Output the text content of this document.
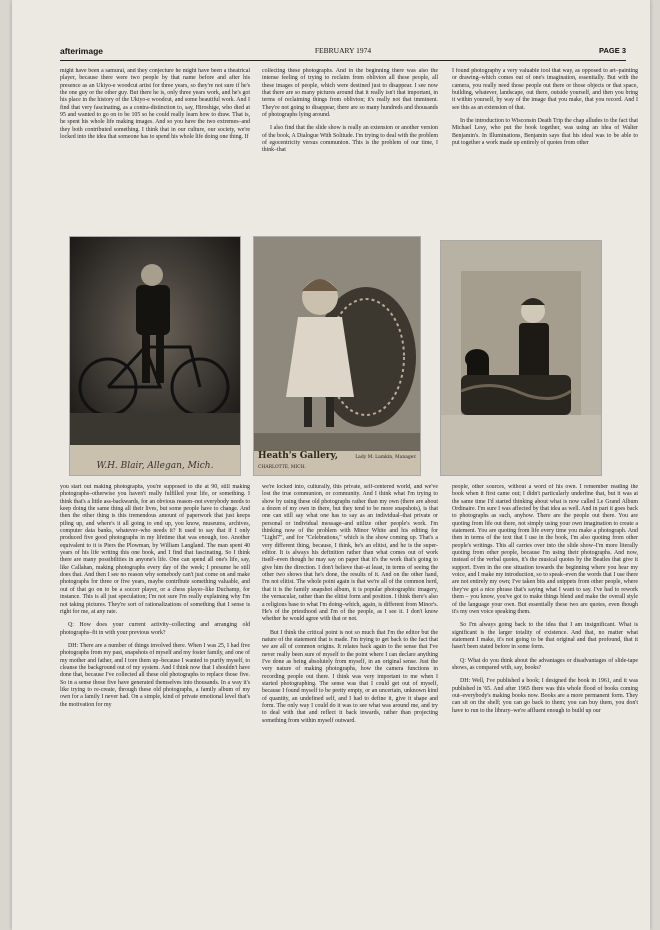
afterimage	FEBRUARY 1974	PAGE 3

might have been a samurai, and they conjecture he might have been a theatrical player, because there were two people by that name before and after his presence as an Ukiyo-e woodcut artist for three years, so they're not sure if he's the one guy or the other guy. But there he is, only three years work, and he's got his place in the history of the Ukiyo-e woodcut, and some beautiful work. And I find that very fascinating, as a contra-distinction to, say, Hiroshige, who died at 95 and wanted to go on to be 105 so he could really learn how to draw. That is, he spent his whole life making images. And so you have the two extremes–and they both contributed something. I think that in our culture, our society, we're locked into the idea that someone has to spend his whole life doing one thing. If

collecting these photographs. And in the beginning there was also the intense feeling of trying to reclaim from oblivion all these people, all these images of people, which were destined just to disappear. I see now that there are so many pictures around that it really isn't that important, in terms of reclaiming things from oblivion; it's really not that imminent. They're not going to disappear, there are so many hundreds and thousands of photographs lying around.

I also find that the slide show is really an extension or another version of the book, A Dialogue With Solitude. I'm trying to deal with the problem of egocentricity versus communion. This is the problem of our time, I think–that

I found photography a very valuable tool that way, as opposed to art–painting or drawing–which comes out of one's imagination, essentially. But with the camera, you really need those people out there or those objects or that space, building, whatever, landscape, out there, outside yourself, and then you bring it within yourself, by way of the image that you make, that you record. And I see this as an extension of that.

In the introduction to Wisconsin Death Trip the chap alludes to the fact that Michael Lesy, who put the book together, was using an idea of Walter Benjamin's. In Illuminations, Benjamin says that his ideal was to be able to put together a work made up entirely of quotes from other

W.H. Blair, Allegan, Mich.
Heath's Gallery,	Lady M. Lamkin, Manager. CHARLOTTE, MICH.

you start out making photographs, you're supposed to die at 90, still making photographs–otherwise you haven't really fulfilled your life, or something. I think that's a little ass-backwards, for an obvious reason–not everybody needs to keep doing the same thing all their lives, but some people have to change. And then the other thing is this tremendous amount of paperwork that just keeps piling up, and where's it all going to end up, you know, museums, archives, computer data banks, whatever–who needs it? It used to say that if I only produced five good photographs in my lifetime that was enough, too. Another equivalent to it is Piers the Plowman, by William Langland. The man spent 40 years of his life writing this one book, and I find that fascinating. So I think there are many possibilities in anyone's life. One can spend all one's life, say, like Callahan, making photographs every day of the week; I presume he still does that. And then I see no reason why somebody can't just come on and make photographs for three or five years, maybe contribute something valuable, and out of that go on to be a soccer player, or a chess player–like Duchamp, for instance. This is all just speculation; I'm not sure I'm really explaining why I'm not taking pictures. They're sort of rationalizations of something that I sense is right for me, at any rate.

Q: How does your current activity–collecting and arranging old photographs–fit in with your previous work?

DH: There are a number of things involved there. When I was 25, I had five photographs from my past, snapshots of myself and my foster family, and one of my mother and father, and I tore them up–because I wanted to purify myself, to cleanse the background out of my system. And I think now that I shouldn't have done that, because I've collected all these old photographs to replace those five. So in a sense those five have generated themselves into thousands. In a way it's like trying to re-create, through these old photographs, a family album of my own for a family I never had. On a simple, kind of private emotional level that's the motivation for my

we're locked into, culturally, this private, self-centered world, and we've lost the true communion, or community. And I think what I'm trying to show by using these old photographs rather than my own (there are about a dozen of my own in there, but they tend to be more snapshots), is that one can still say what one has to say as an individual–that private or personal or individual message–and utilize other people's work. I'm thinking now of the problem with Minor White and his editing for "Light7", and for "Celebrations," which is the show coming up. That's a very different thing, because, I think, he's an elitist, and he is the super-editor. It is always his definition rather than what comes out of work itself–even though he may say on paper that it's the work that's going to give him the direction. I don't believe that–at least, in terms of seeing the other two shows that he's done, the results of it. And on the other hand, I'm not elitist. The whole point again is that we're all of the common herd, that it is the family snapshot album, it is popular photographic imagery, the vernacular, rather than the elitist form and position. I think there's also a religious base to what I'm doing–which, again, is different from Minor's. He's of the priesthood and I'm of the people, as I see it. I don't know whether he would agree with that or not.

But I think the critical point is not so much that I'm the editor but the nature of the statement that is made. I'm trying to get back to the fact that we are all of common origins. It relates back again to the sense that I've never really been sure of myself to the point where I can declare anything I've done as being absolutely from myself, in an original sense. Just the very nature of making photographs, how the camera functions in recording people out there. I think was very important to me when I started photographing. The sense was that I could get out of myself, because I found myself to be pretty empty, or an uncertain, unknown kind of quantity, an undefined self, and I had to define it, give it shape and form. The only way I could do it was to see what was around me, and try to deal with that and reflect it back inwards, rather than projecting something from within myself outward.

people, other sources, without a word of his own. I remember reading the book when it first came out; I didn't particularly underline that, but it was at the same time I'd started thinking about what is now called Le Grand Album Ordinaire. I'm sure I was affected by that idea as well. And in part it goes back to photographs as such, anyhow. There are the people out there. You are quoting from life out there, not simply using your own imagination to create a statement. You are quoting from life every time you make a photograph. And then in terms of the text that I use in the book, I'm also quoting from other people's writings. This all carries over into the slide show–I'm more literally quoting from other people, because I'm using their photographs. And now, instead of the verbal quotes, it's the musical quotes by the Beatles that give it support. Even in the one situation towards the beginning where you hear my voice, and I make my introduction, so to speak–even the words that I use there are not entirely my own; I've taken bits and snippets from other people, where they've got a nice phrase that's saying what I want to say. I've had to rework them – you know, you've got to make things blend and make the overall style of the language your own. But essentially these two are quotes, even though it's my own voice speaking them.

So I'm always going back to the idea that I am insignificant. What is significant is the larger totality of existence. And that, no matter what statement I make, it's not going to be that original and that profound, that it hasn't been stated before in some form.

Q: What do you think about the advantages or disadvantages of slide-tape shows, as compared with, say, books?

DH: Well, I've published a book; I designed the book in 1961, and it was published in '65. And after 1965 there was this whole flood of books coming out–everybody's making books now. Books are a more permanent form. They can sit on the shelf; you can go back to them; you can buy them, you don't have to run to the library–we're affluent enough to build up our
